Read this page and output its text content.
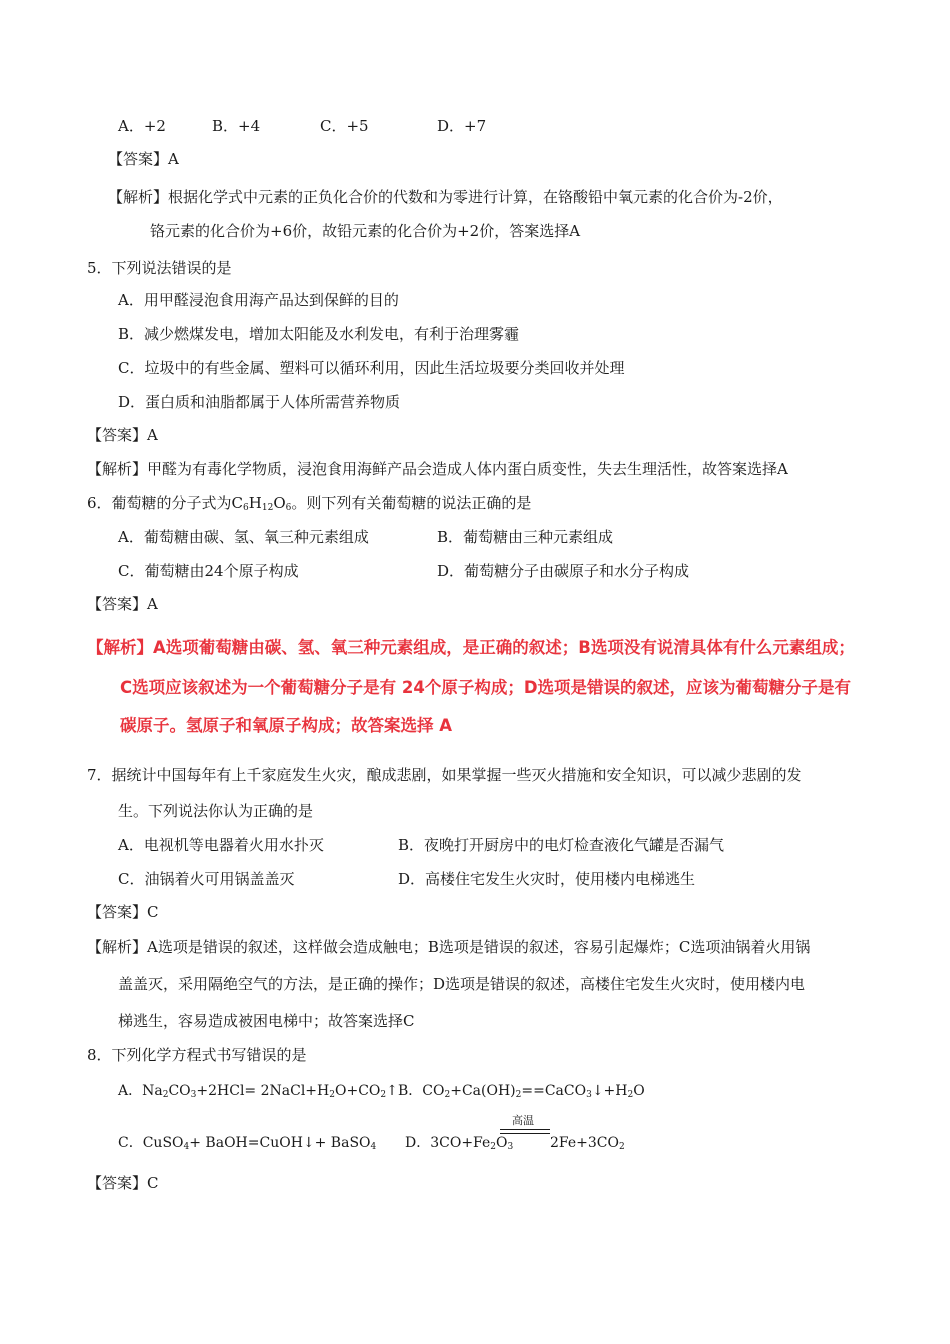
A．+2	B．+4	C．+5	D．+7
【答案】A
【解析】根据化学式中元素的正负化合价的代数和为零进行计算，在铬酸铅中氧元素的化合价为-2价，
铬元素的化合价为+6价，故铅元素的化合价为+2价，答案选择A
5．下列说法错误的是
A．用甲醛浸泡食用海产品达到保鲜的目的
B．减少燃煤发电，增加太阳能及水利发电，有利于治理雾霾
C．垃圾中的有些金属、塑料可以循环利用，因此生活垃圾要分类回收并处理
D．蛋白质和油脂都属于人体所需营养物质
【答案】A
【解析】甲醛为有毒化学物质，浸泡食用海鲜产品会造成人体内蛋白质变性，失去生理活性，故答案选择A
6．葡萄糖的分子式为$C_6H_{12}O_6$。则下列有关葡萄糖的说法正确的是
A．葡萄糖由碳、氢、氧三种元素组成	B．葡萄糖由三种元素组成
C．葡萄糖由24个原子构成	D．葡萄糖分子由碳原子和水分子构成
【答案】A
【解析】A选项葡萄糖由碳、氢、氧三种元素组成，是正确的叙述；B选项没有说清具体有什么元素组成；
C选项应该叙述为一个葡萄糖分子是有 24个原子构成；D选项是错误的叙述，应该为葡萄糖分子是有
碳原子。氢原子和氧原子构成；故答案选择 A
7．据统计中国每年有上千家庭发生火灾，酿成悲剧，如果掌握一些灭火措施和安全知识，可以减少悲剧的发
生。下列说法你认为正确的是
A．电视机等电器着火用水扑灭	B．夜晚打开厨房中的电灯检查液化气罐是否漏气
C．油锅着火可用锅盖盖灭	D．高楼住宅发生火灾时，使用楼内电梯逃生
【答案】C
【解析】A选项是错误的叙述，这样做会造成触电；B选项是错误的叙述，容易引起爆炸；C选项油锅着火用锅
盖盖灭，采用隔绝空气的方法，是正确的操作；D选项是错误的叙述，高楼住宅发生火灾时，使用楼内电
梯逃生，容易造成被困电梯中；故答案选择C
8．下列化学方程式书写错误的是
A．$Na_2CO_3+2HCl=$ $2NaCl+H_2O+CO_2↑$ B．$CO_2+Ca(OH)_2==CaCO_3↓+H_2O$
C．CuSO$_4$+ BaOH=CuOH↓+ BaSO$_4$ D．$3CO+Fe_2O_3$
高温
$2Fe+3CO_2$
【答案】C
